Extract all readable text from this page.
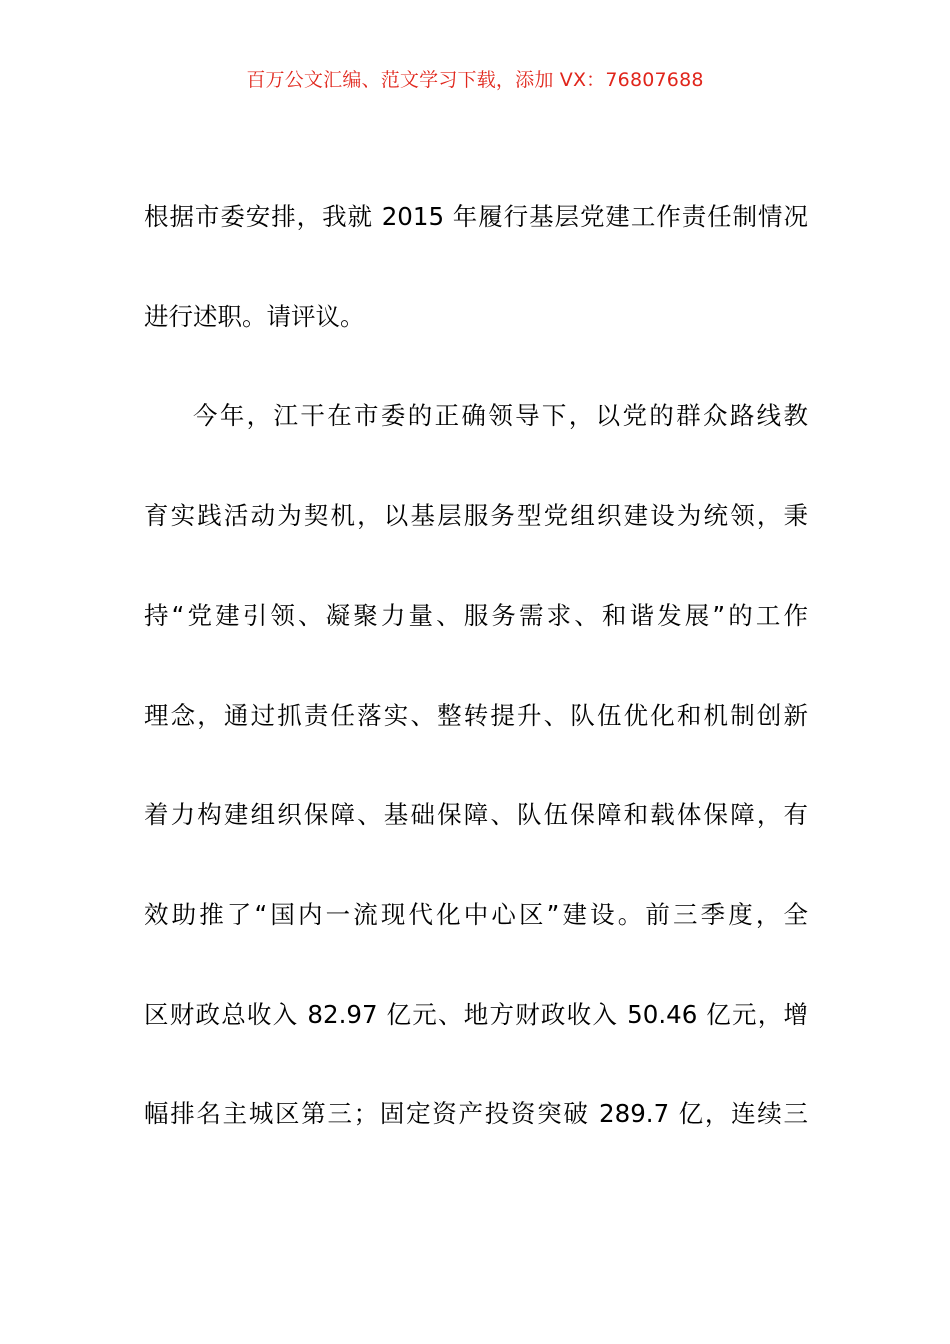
百万公文汇编、范文学习下载，添加 VX：76807688
根据市委安排，我就 2015 年履行基层党建工作责任制情况
进行述职。请评议。
今年，江干在市委的正确领导下，以党的群众路线教
育实践活动为契机，以基层服务型党组织建设为统领，秉
持“党建引领、凝聚力量、服务需求、和谐发展”的工作
理念，通过抓责任落实、整转提升、队伍优化和机制创新
着力构建组织保障、基础保障、队伍保障和载体保障，有
效助推了“国内一流现代化中心区”建设。前三季度，全
区财政总收入 82.97 亿元、地方财政收入 50.46 亿元，增
幅排名主城区第三；固定资产投资突破 289.7 亿，连续三
